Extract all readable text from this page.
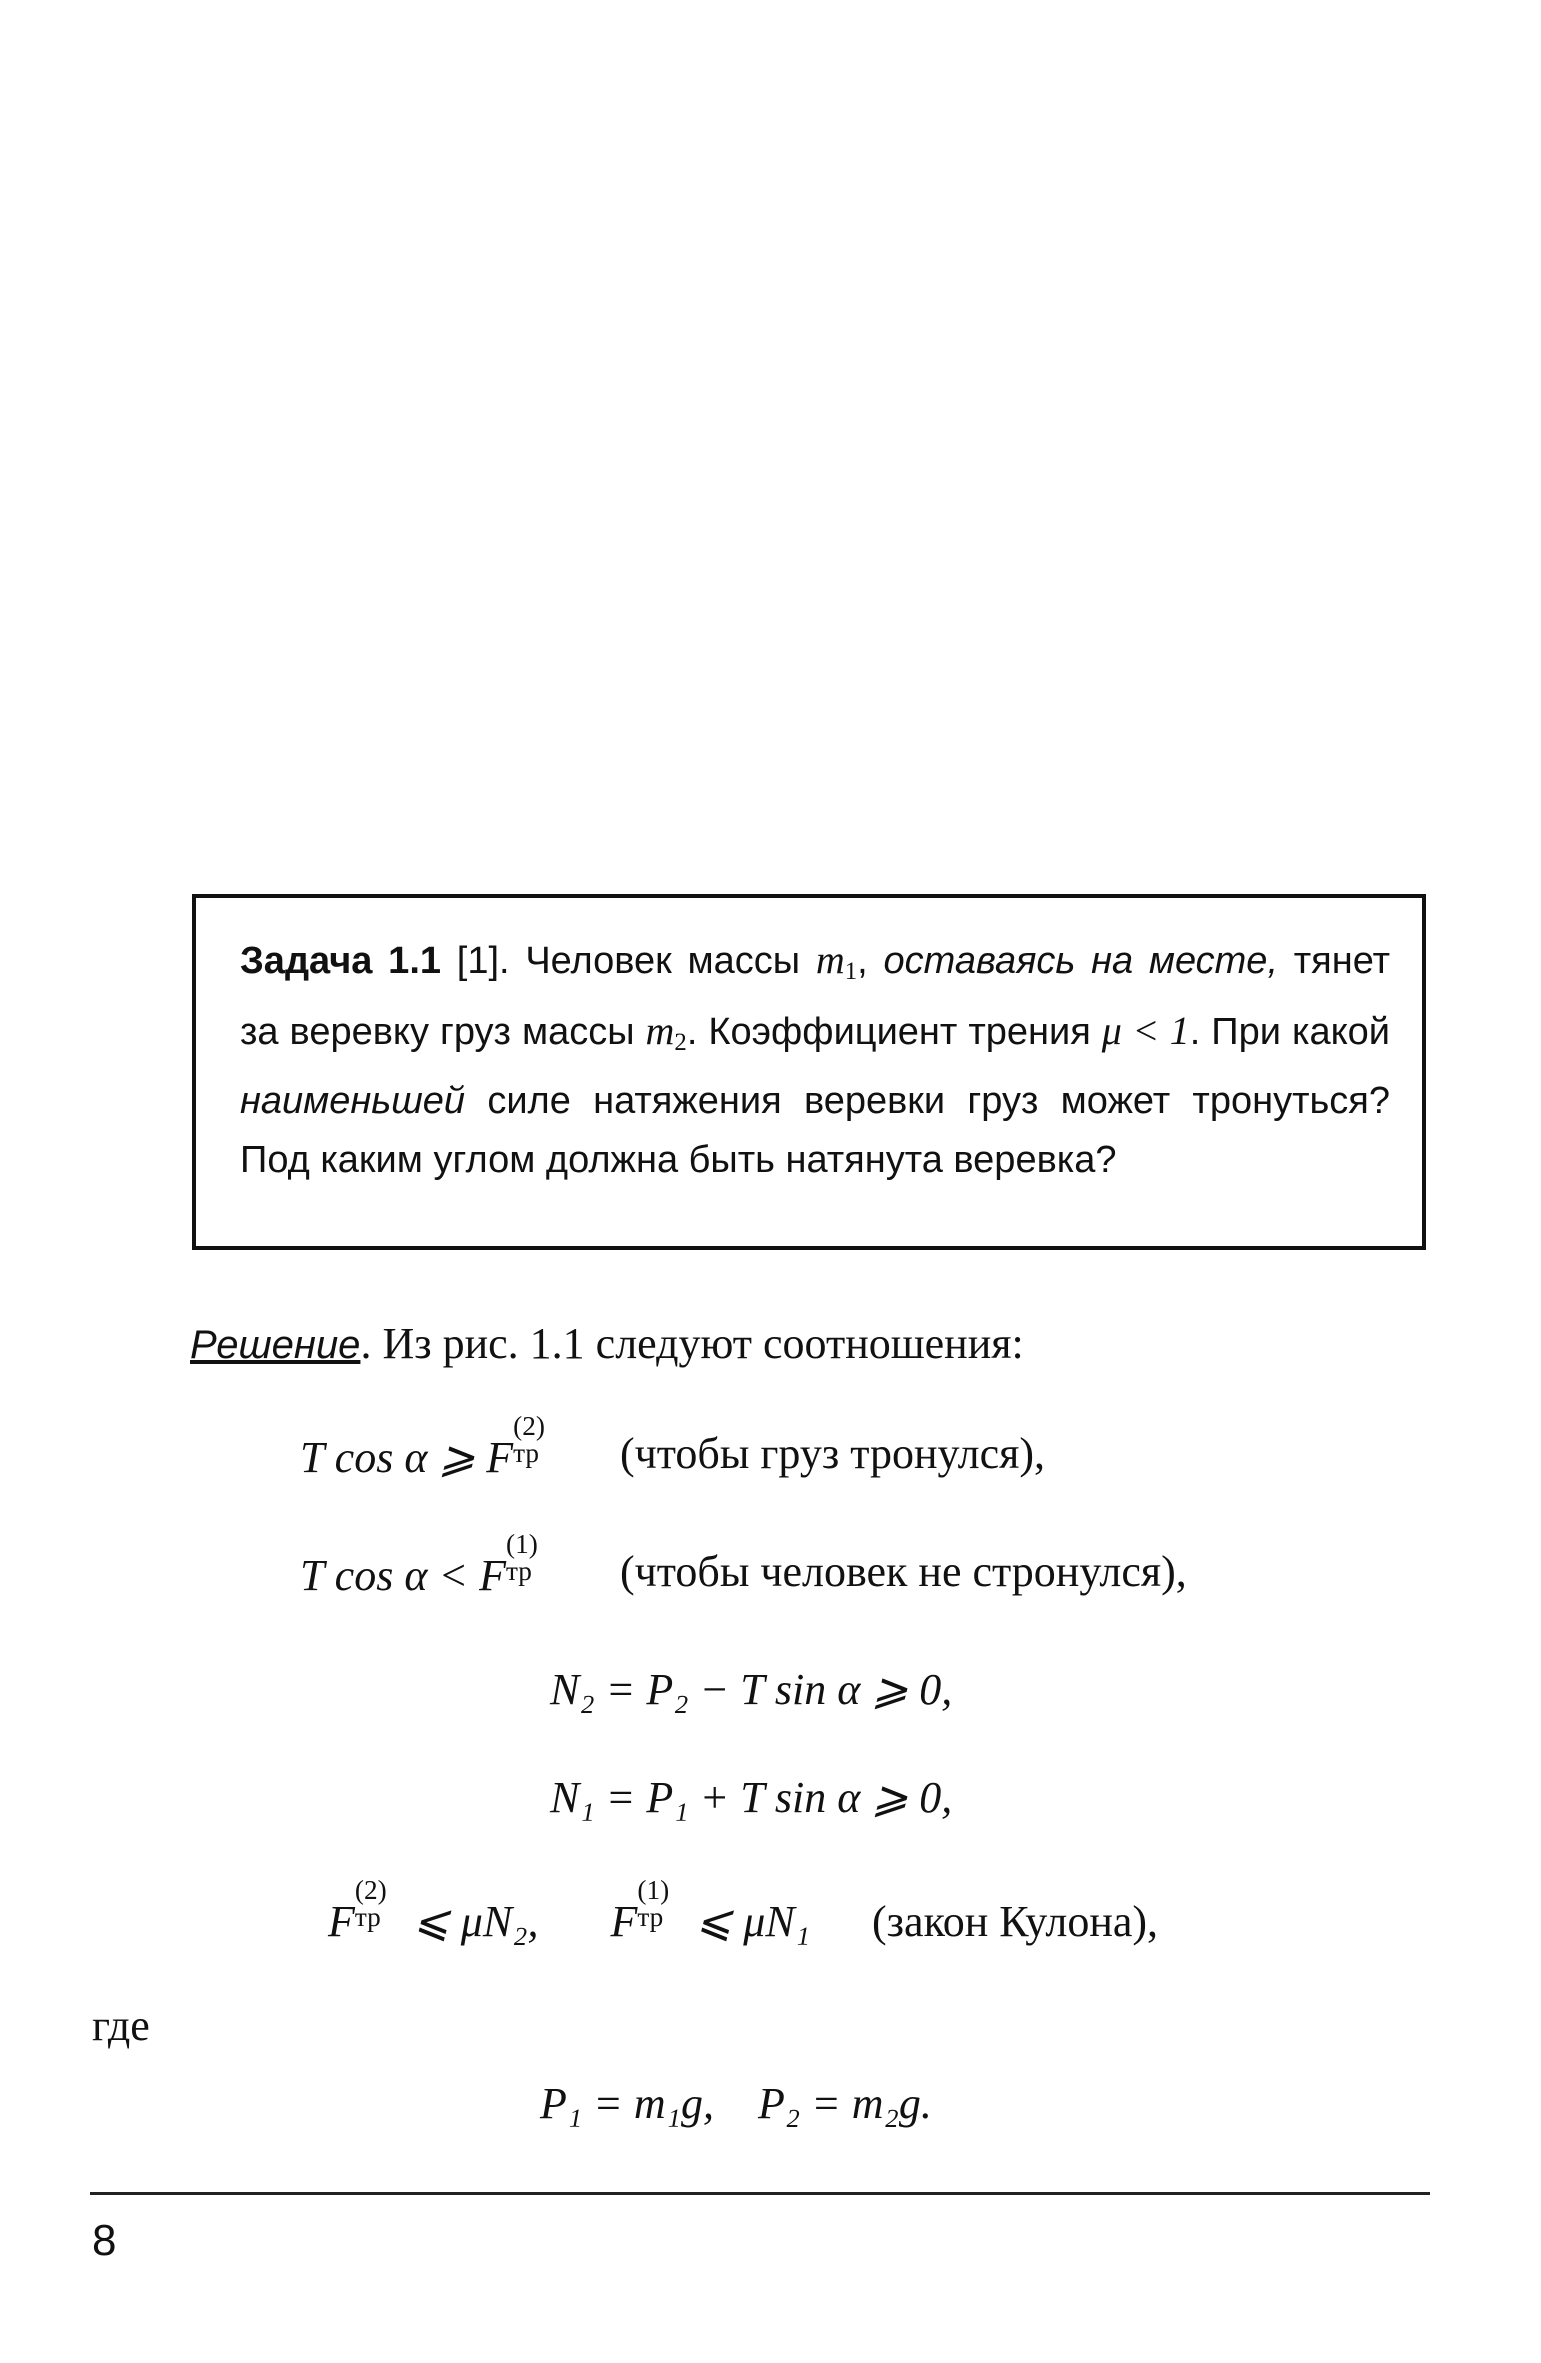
Задача 1.1 [1]. Человек массы $m_1$, оставаясь на месте, тянет за веревку груз массы $m_2$. Коэффициент трения μ < 1. При какой наименьшей силе натяжения веревки груз может тронуться? Под каким углом должна быть натянута веревка?
Решение. Из рис. 1.1 следуют соотношения:
T cos α ⩾ F
(2)
тр (чтобы груз тронулся),
T cos α < F
(1)
тр (чтобы человек не стронулся),
N₂ = P₂ − T sin α ⩾ 0,
N₁ = P₁ + T sin α ⩾ 0,
F
(2)
тр ⩽ μN₂, F
(1)
тр ⩽ μN₁ (закон Кулона),
где
P₁ = m₁g,    P₂ = m₂g.
8
